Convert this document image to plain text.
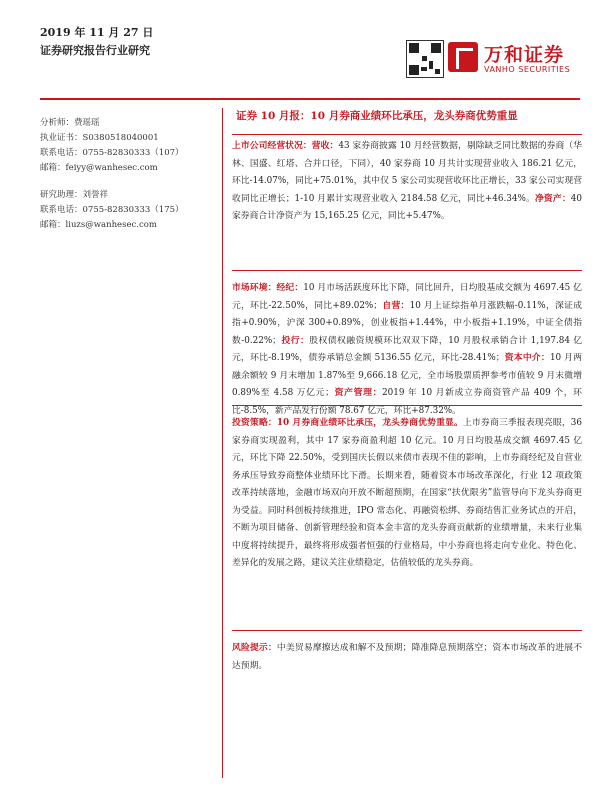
2019 年 11 月 27 日
证券研究报告行业研究	万和证券
VANHO SECURITIES
分析师：费瑶瑶
执业证书：S0380518040001
联系电话：0755-82830333（107）
邮箱：feiyy@wanhesec.com
研究助理：刘誉祥
联系电话：0755-82830333（175）
邮箱：liuzs@wanhesec.com
证券 10 月报：10 月券商业绩环比承压，龙头券商优势重显

上市公司经营状况：营收：43 家券商披露 10 月经营数据，剔除缺乏同比数据的券商（华林、国盛、红塔、合并口径，下同），40 家券商 10 月共计实现营业收入 186.21 亿元，环比-14.07%，同比+75.01%，其中仅 5 家公司实现营收环比正增长，33 家公司实现营收同比正增长；1-10 月累计实现营业收入 2184.58 亿元，同比+46.34%。净资产：40 家券商合计净资产为 15,165.25 亿元，同比+5.47%。

市场环境：经纪：10 月市场活跃度环比下降，同比回升，日均股基成交额为 4697.45 亿元，环比-22.50%，同比+89.02%；自营：10 月上证综指单月涨跌幅-0.11%，深证成指+0.90%，沪深 300+0.89%，创业板指+1.44%，中小板指+1.19%，中证全债指数-0.22%；投行：股权债权融资规模环比双双下降，10 月股权承销合计 1,197.84 亿元，环比-8.19%，债券承销总金额 5136.55 亿元，环比-28.41%；资本中介：10 月两融余额较 9 月末增加 1.87%至 9,666.18 亿元，全市场股票质押参考市值较 9 月末微增 0.89%至 4.58 万亿元；资产管理：2019 年 10 月新成立券商资管产品 409 个，环比-8.5%，新产品发行份额 78.67 亿元，环比+87.32%。

投资策略：10 月券商业绩环比承压，龙头券商优势重显。上市券商三季报表现亮眼，36 家券商实现盈利，其中 17 家券商盈利超 10 亿元。10 月日均股基成交额 4697.45 亿元，环比下降 22.50%，受到国庆长假以来债市表现不佳的影响，上市券商经纪及自营业务承压导致券商整体业绩环比下滑。长期来看，随着资本市场改革深化，行业 12 项政策改革持续落地，金融市场双向开放不断超预期，在国家“扶优限劣”监管导向下龙头券商更为受益。同时科创板持续推进，IPO 常态化、再融资松绑、券商结售汇业务试点的开启，不断为项目储备、创新管理经验和资本金丰富的龙头券商贡献新的业绩增量，未来行业集中度将持续提升，最终将形成强者恒强的行业格局，中小券商也将走向专业化、特色化、差异化的发展之路，建议关注业绩稳定，估值较低的龙头券商。

风险提示：中美贸易摩擦达成和解不及预期；降准降息预期落空；资本市场改革的进展不达预期。
